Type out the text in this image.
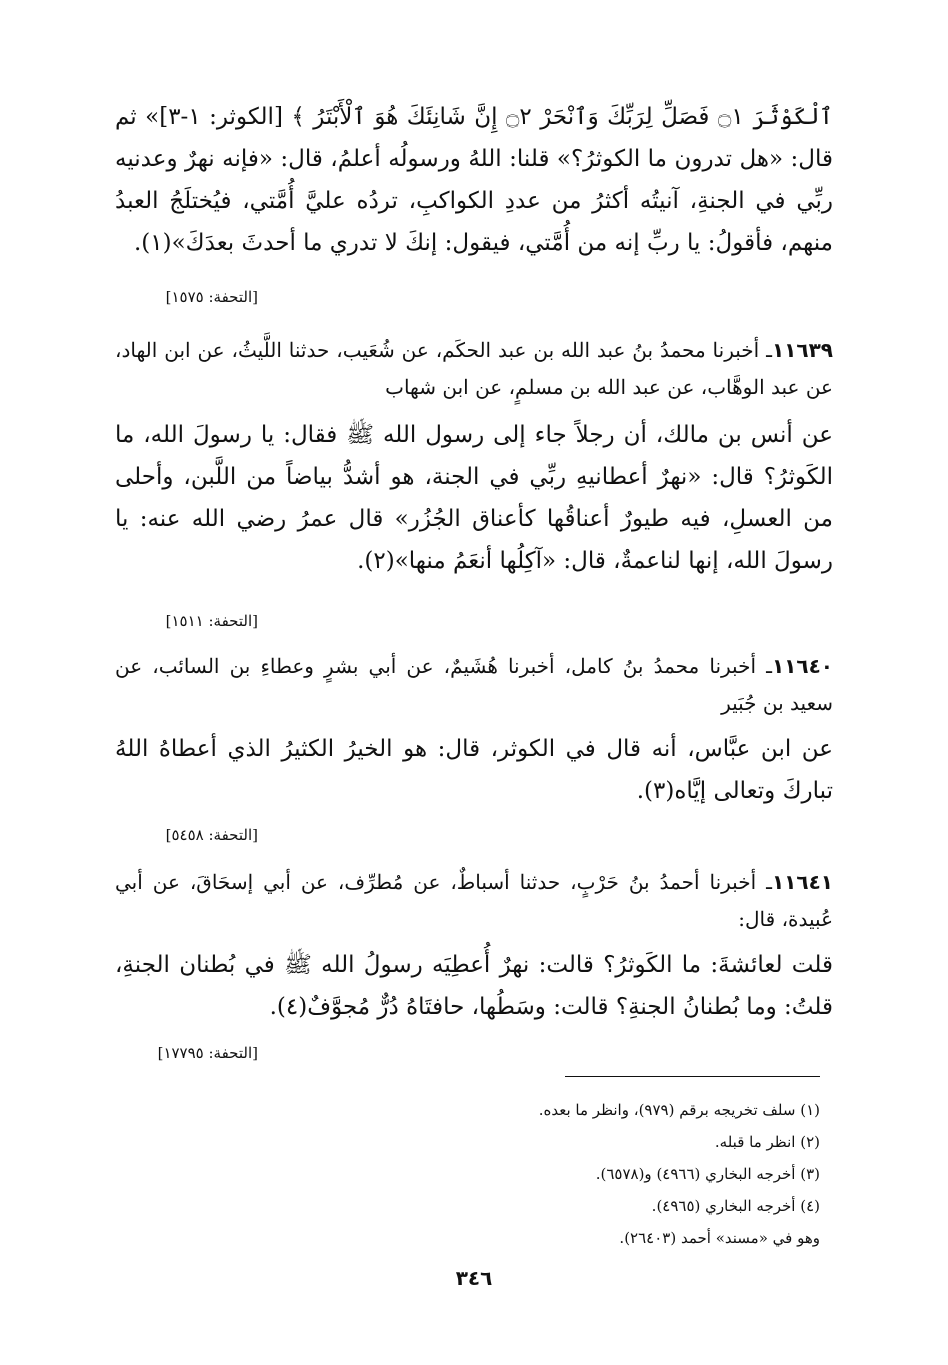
ٱلْكَوْثَرَ ۝١ فَصَلِّ لِرَبِّكَ وَٱنْحَرْ ۝٢ إِنَّ شَانِئَكَ هُوَ ٱلْأَبْتَرُ ﴾ [الكوثر: ١-٣]» ثم قال: «هل تدرون ما الكوثرُ؟» قلنا: اللهُ ورسولُه أعلمُ، قال: «فإنه نهرٌ وعدنيه ربِّي في الجنةِ، آنيتُه أكثرُ من عددِ الكواكبِ، تردُه عليَّ أُمَّتي، فيُختلَجُ العبدُ منهم، فأقولُ: يا ربِّ إنه من أُمَّتي، فيقول: إنكَ لا تدري ما أحدثَ بعدَكَ»(١).
[التحفة: ١٥٧٥]
١١٦٣٩ـ أخبرنا محمدُ بنُ عبد الله بن عبد الحكَم، عن شُعَيب، حدثنا اللَّيثُ، عن ابن الهاد، عن عبد الوهَّاب، عن عبد الله بن مسلمٍ، عن ابن شهاب
عن أنس بن مالك، أن رجلاً جاء إلى رسول الله ﷺ فقال: يا رسولَ الله، ما الكَوثرُ؟ قال: «نهرٌ أعطانيهِ ربِّي في الجنة، هو أشدُّ بياضاً من اللَّبن، وأحلى من العسلِ، فيه طيورٌ أعناقُها كأعناق الجُزُر» قال عمرُ رضي الله عنه: يا رسولَ الله، إنها لناعمةٌ، قال: «آكِلُها أنعَمُ منها»(٢).
[التحفة: ١٥١١]
١١٦٤٠ـ أخبرنا محمدُ بنُ كامل، أخبرنا هُشَيمٌ، عن أبي بشرٍ وعطاءِ بن السائب، عن سعيد بن جُبَير
عن ابن عبَّاس، أنه قال في الكوثر، قال: هو الخيرُ الكثيرُ الذي أعطاهُ اللهُ تباركَ وتعالى إيَّاه(٣).
[التحفة: ٥٤٥٨]
١١٦٤١ـ أخبرنا أحمدُ بنُ حَرْبٍ، حدثنا أسباطٌ، عن مُطرِّف، عن أبي إسحَاقَ، عن أبي عُبيدة، قال:
قلت لعائشةَ: ما الكَوثرُ؟ قالت: نهرٌ أُعطِيَه رسولُ الله ﷺ في بُطنان الجنةِ، قلتُ: وما بُطنانُ الجنةِ؟ قالت: وسَطُها، حافتَاهُ دُرٌّ مُجوَّفٌ(٤).
[التحفة: ١٧٧٩٥]
(١) سلف تخريجه برقم (٩٧٩)، وانظر ما بعده.
(٢) انظر ما قبله.
(٣) أخرجه البخاري (٤٩٦٦) و(٦٥٧٨).
(٤) أخرجه البخاري (٤٩٦٥).
وهو في «مسند» أحمد (٢٦٤٠٣).
٣٤٦
